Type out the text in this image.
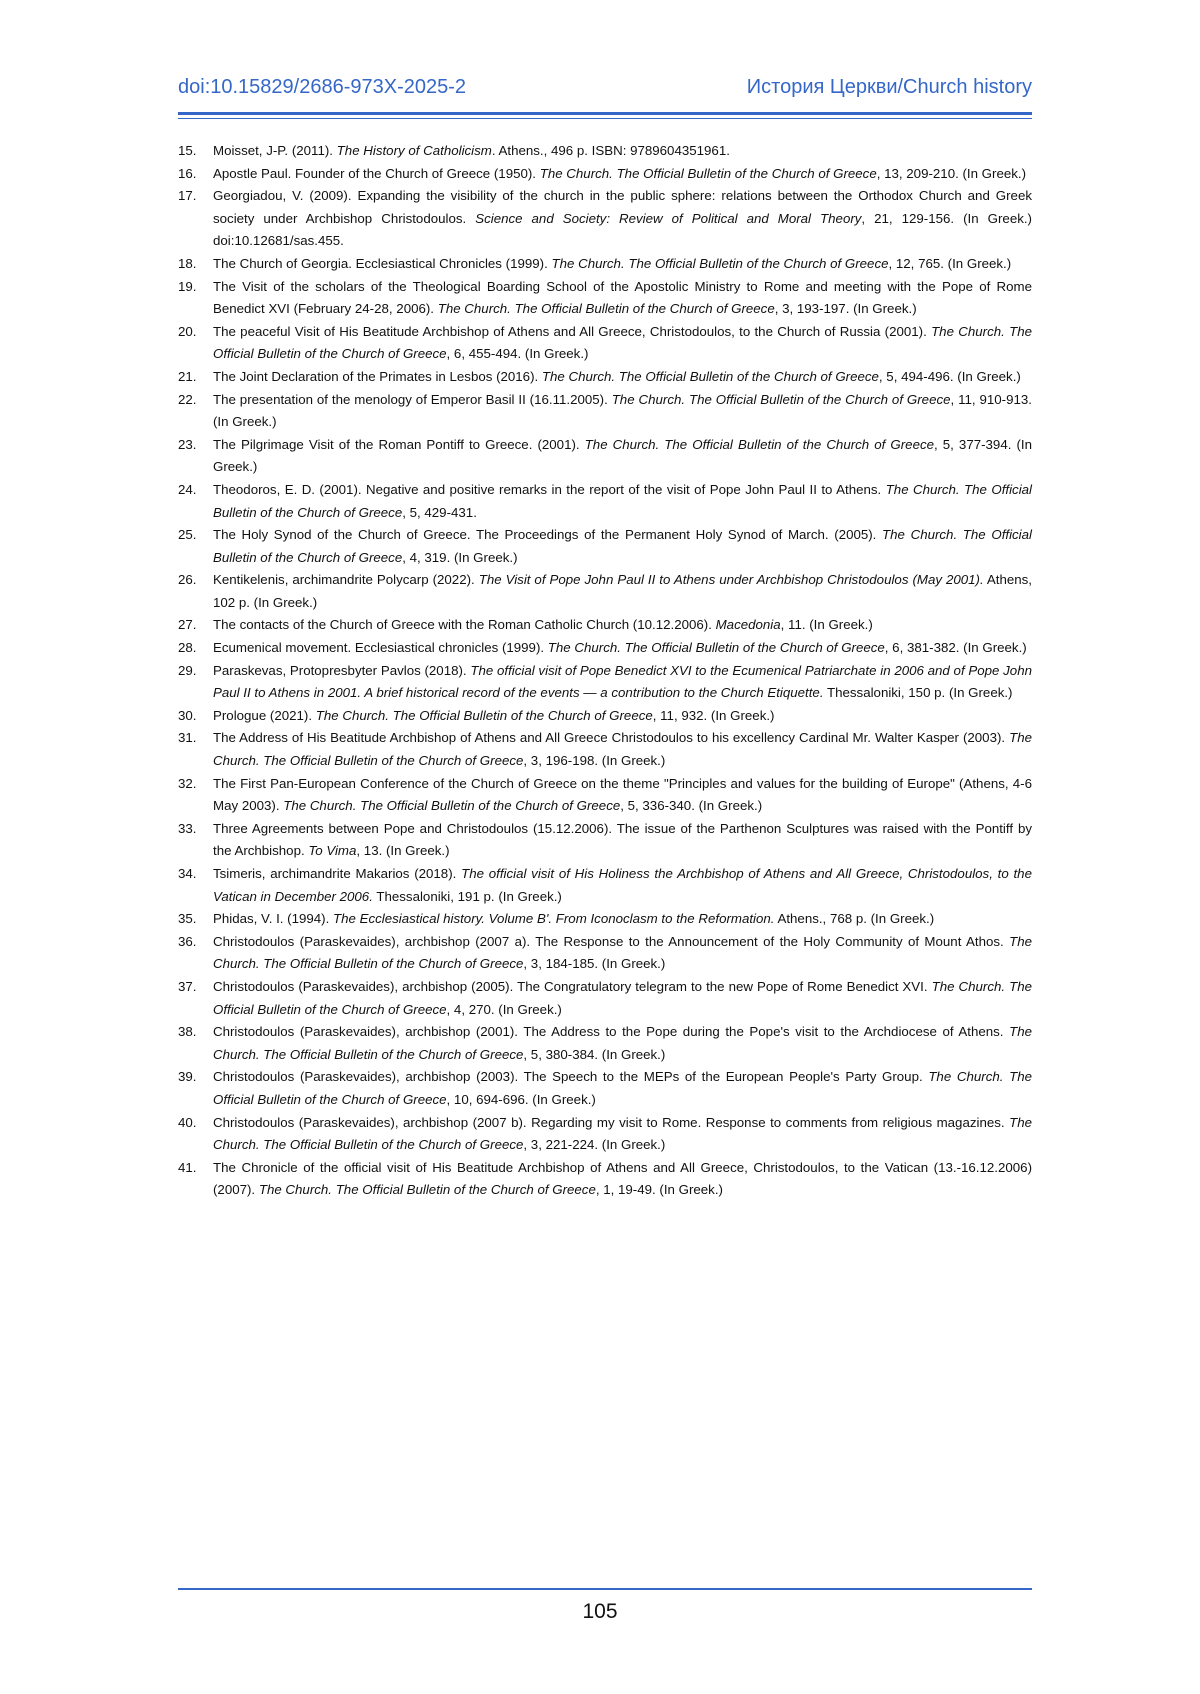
doi:10.15829/2686-973X-2025-2	История Церкви/Church history
15. Moisset, J-P. (2011). The History of Catholicism. Athens., 496 p. ISBN: 9789604351961.
16. Apostle Paul. Founder of the Church of Greece (1950). The Church. The Official Bulletin of the Church of Greece, 13, 209-210. (In Greek.)
17. Georgiadou, V. (2009). Expanding the visibility of the church in the public sphere: relations between the Orthodox Church and Greek society under Archbishop Christodoulos. Science and Society: Review of Political and Moral Theory, 21, 129-156. (In Greek.) doi:10.12681/sas.455.
18. The Church of Georgia. Ecclesiastical Chronicles (1999). The Church. The Official Bulletin of the Church of Greece, 12, 765. (In Greek.)
19. The Visit of the scholars of the Theological Boarding School of the Apostolic Ministry to Rome and meeting with the Pope of Rome Benedict XVI (February 24-28, 2006). The Church. The Official Bulletin of the Church of Greece, 3, 193-197. (In Greek.)
20. The peaceful Visit of His Beatitude Archbishop of Athens and All Greece, Christodoulos, to the Church of Russia (2001). The Church. The Official Bulletin of the Church of Greece, 6, 455-494. (In Greek.)
21. The Joint Declaration of the Primates in Lesbos (2016). The Church. The Official Bulletin of the Church of Greece, 5, 494-496. (In Greek.)
22. The presentation of the menology of Emperor Basil II (16.11.2005). The Church. The Official Bulletin of the Church of Greece, 11, 910-913. (In Greek.)
23. The Pilgrimage Visit of the Roman Pontiff to Greece. (2001). The Church. The Official Bulletin of the Church of Greece, 5, 377-394. (In Greek.)
24. Theodoros, E. D. (2001). Negative and positive remarks in the report of the visit of Pope John Paul II to Athens. The Church. The Official Bulletin of the Church of Greece, 5, 429-431.
25. The Holy Synod of the Church of Greece. The Proceedings of the Permanent Holy Synod of March. (2005). The Church. The Official Bulletin of the Church of Greece, 4, 319. (In Greek.)
26. Kentikelenis, archimandrite Polycarp (2022). The Visit of Pope John Paul II to Athens under Archbishop Christodoulos (May 2001). Athens, 102 p. (In Greek.)
27. The contacts of the Church of Greece with the Roman Catholic Church (10.12.2006). Macedonia, 11. (In Greek.)
28. Ecumenical movement. Ecclesiastical chronicles (1999). The Church. The Official Bulletin of the Church of Greece, 6, 381-382. (In Greek.)
29. Paraskevas, Protopresbyter Pavlos (2018). The official visit of Pope Benedict XVI to the Ecumenical Patriarchate in 2006 and of Pope John Paul II to Athens in 2001. A brief historical record of the events — a contribution to the Church Etiquette. Thessaloniki, 150 p. (In Greek.)
30. Prologue (2021). The Church. The Official Bulletin of the Church of Greece, 11, 932. (In Greek.)
31. The Address of His Beatitude Archbishop of Athens and All Greece Christodoulos to his excellency Cardinal Mr. Walter Kasper (2003). The Church. The Official Bulletin of the Church of Greece, 3, 196-198. (In Greek.)
32. The First Pan-European Conference of the Church of Greece on the theme "Principles and values for the building of Europe" (Athens, 4-6 May 2003). The Church. The Official Bulletin of the Church of Greece, 5, 336-340. (In Greek.)
33. Three Agreements between Pope and Christodoulos (15.12.2006). The issue of the Parthenon Sculptures was raised with the Pontiff by the Archbishop. To Vima, 13. (In Greek.)
34. Tsimeris, archimandrite Makarios (2018). The official visit of His Holiness the Archbishop of Athens and All Greece, Christodoulos, to the Vatican in December 2006. Thessaloniki, 191 p. (In Greek.)
35. Phidas, V. I. (1994). The Ecclesiastical history. Volume B'. From Iconoclasm to the Reformation. Athens., 768 p. (In Greek.)
36. Christodoulos (Paraskevaides), archbishop (2007 a). The Response to the Announcement of the Holy Community of Mount Athos. The Church. The Official Bulletin of the Church of Greece, 3, 184-185. (In Greek.)
37. Christodoulos (Paraskevaides), archbishop (2005). The Congratulatory telegram to the new Pope of Rome Benedict XVI. The Church. The Official Bulletin of the Church of Greece, 4, 270. (In Greek.)
38. Christodoulos (Paraskevaides), archbishop (2001). The Address to the Pope during the Pope's visit to the Archdiocese of Athens. The Church. The Official Bulletin of the Church of Greece, 5, 380-384. (In Greek.)
39. Christodoulos (Paraskevaides), archbishop (2003). The Speech to the MEPs of the European People's Party Group. The Church. The Official Bulletin of the Church of Greece, 10, 694-696. (In Greek.)
40. Christodoulos (Paraskevaides), archbishop (2007 b). Regarding my visit to Rome. Response to comments from religious magazines. The Church. The Official Bulletin of the Church of Greece, 3, 221-224. (In Greek.)
41. The Chronicle of the official visit of His Beatitude Archbishop of Athens and All Greece, Christodoulos, to the Vatican (13.-16.12.2006) (2007). The Church. The Official Bulletin of the Church of Greece, 1, 19-49. (In Greek.)
105
